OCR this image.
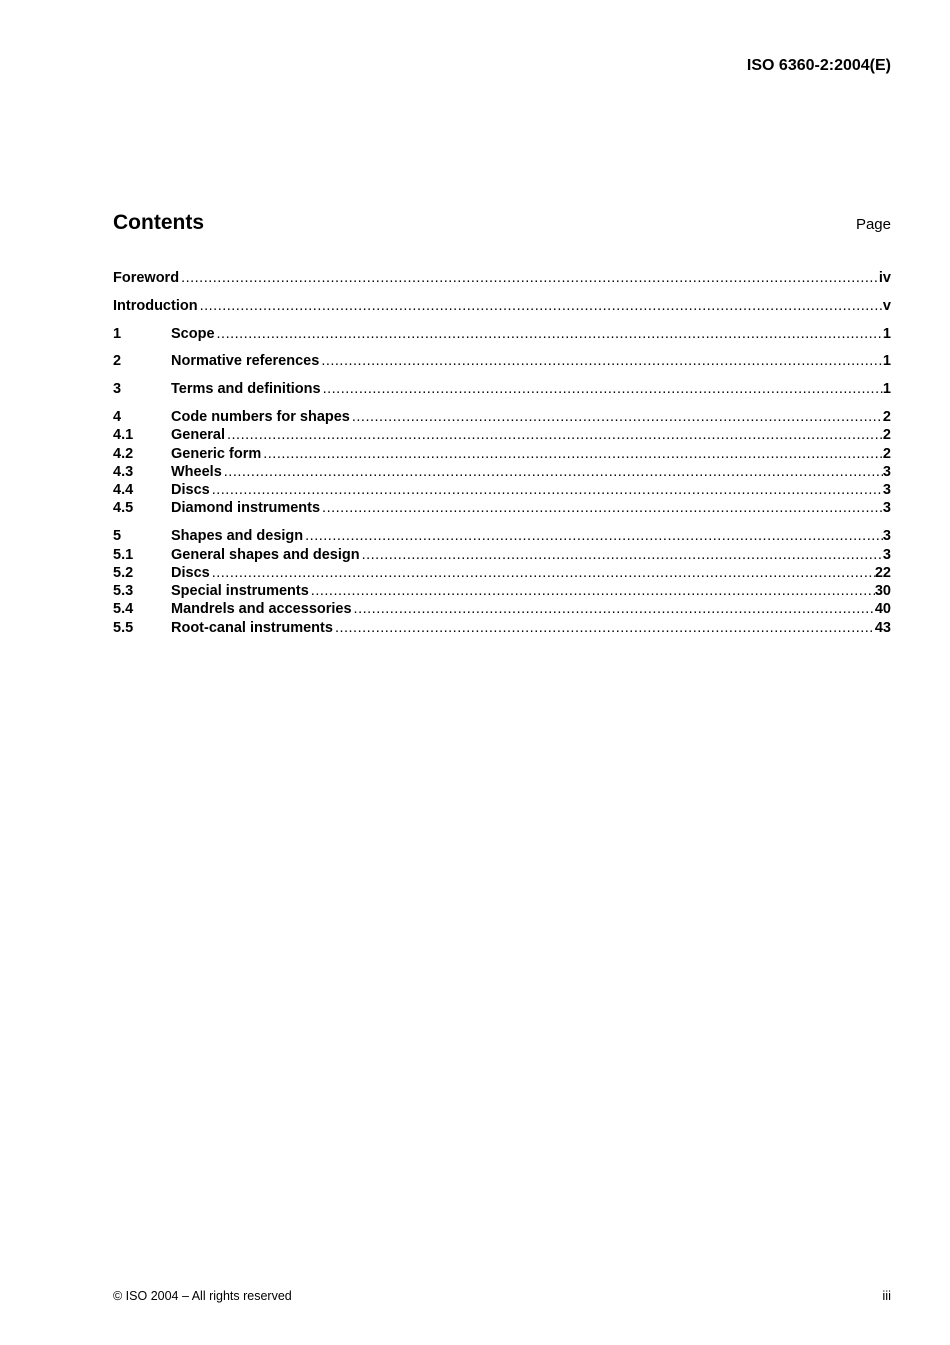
ISO 6360-2:2004(E)
Contents	Page
Foreword .....	iv
Introduction .....	v
1	Scope .....	1
2	Normative references .....	1
3	Terms and definitions .....	1
4	Code numbers for shapes .....	2
4.1	General .....	2
4.2	Generic form .....	2
4.3	Wheels .....	3
4.4	Discs .....	3
4.5	Diamond instruments .....	3
5	Shapes and design .....	3
5.1	General shapes and design .....	3
5.2	Discs .....	22
5.3	Special instruments .....	30
5.4	Mandrels and accessories .....	40
5.5	Root-canal instruments .....	43
© ISO 2004 – All rights reserved	iii
